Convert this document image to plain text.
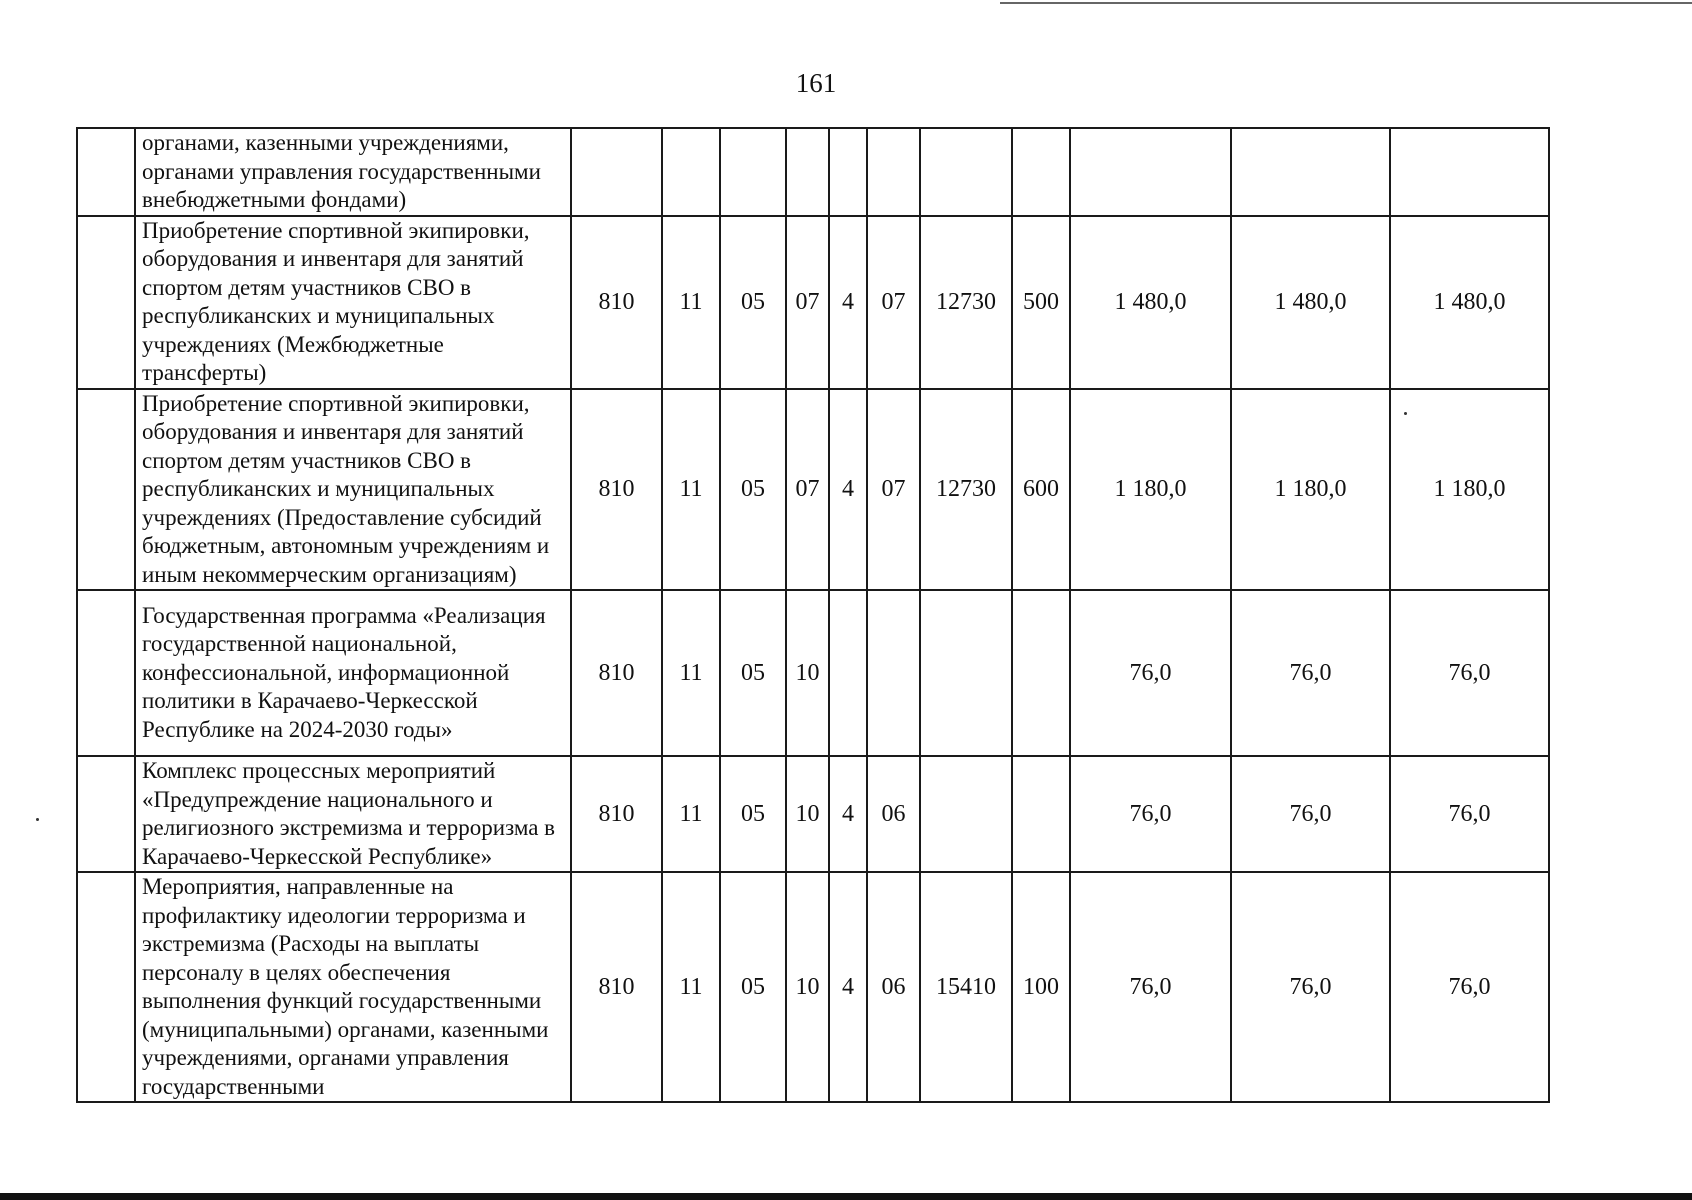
161
	органами, казенными учреждениями, органами управления государственными внебюджетными фондами)											
	Приобретение спортивной экипировки, оборудования и инвентаря для занятий спортом детям участников СВО в республиканских и муниципальных учреждениях (Межбюджетные трансферты)	810	11	05	07	4	07	12730	500	1 480,0	1 480,0	1 480,0
	Приобретение спортивной экипировки, оборудования и инвентаря для занятий спортом детям участников СВО в республиканских и муниципальных учреждениях (Предоставление субсидий бюджетным, автономным учреждениям и иным некоммерческим организациям)	810	11	05	07	4	07	12730	600	1 180,0	1 180,0	1 180,0
	Государственная программа «Реализация государственной национальной, конфессиональной, информационной политики в Карачаево-Черкесской Республике на 2024-2030 годы»	810	11	05	10					76,0	76,0	76,0
	Комплекс процессных мероприятий «Предупреждение национального и религиозного экстремизма и терроризма в Карачаево-Черкесской Республике»	810	11	05	10	4	06			76,0	76,0	76,0
	Мероприятия, направленные на профилактику идеологии терроризма и экстремизма (Расходы на выплаты персоналу в целях обеспечения выполнения функций государственными (муниципальными) органами, казенными учреждениями, органами управления государственными	810	11	05	10	4	06	15410	100	76,0	76,0	76,0
